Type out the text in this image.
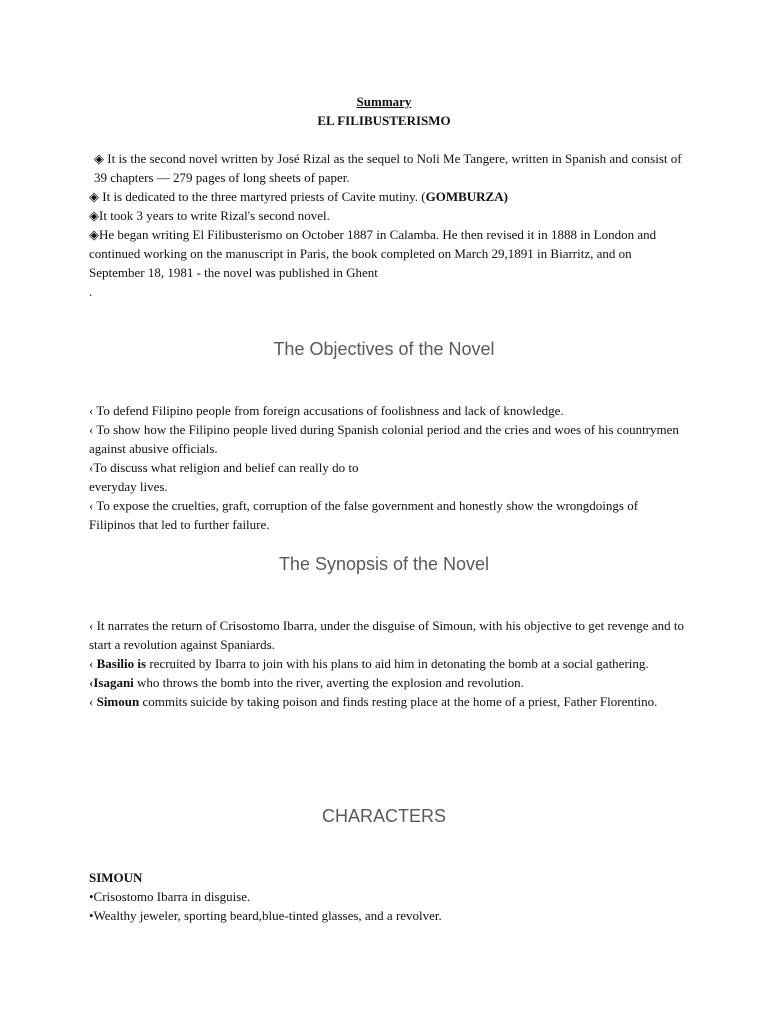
Summary
EL FILIBUSTERISMO

◈ It is the second novel written by José Rizal as the sequel to Noli Me Tangere, written in Spanish and consist of 39 chapters — 279 pages of long sheets of paper.

◈ It is dedicated to the three martyred priests of Cavite mutiny. (GOMBURZA)

◈It took 3 years to write Rizal's second novel.

◈He began writing El Filibusterismo on October 1887 in Calamba. He then revised it in 1888 in London and continued working on the manuscript in Paris, the book completed on March 29,1891 in Biarritz, and on September 18, 1981 - the novel was published in Ghent

.
The Objectives of the Novel

‹ To defend Filipino people from foreign accusations of foolishness and lack of knowledge.

‹ To show how the Filipino people lived during Spanish colonial period and the cries and woes of his countrymen against abusive officials.

‹To discuss what religion and belief can really do to

everyday lives.

‹ To expose the cruelties, graft, corruption of the false government and honestly show the wrongdoings of Filipinos that led to further failure.

The Synopsis of the Novel

‹ It narrates the return of Crisostomo Ibarra, under the disguise of Simoun, with his objective to get revenge and to start a revolution against Spaniards.

‹ Basilio is recruited by Ibarra to join with his plans to aid him in detonating the bomb at a social gathering.

‹Isagani who throws the bomb into the river, averting the explosion and revolution.

‹ Simoun commits suicide by taking poison and finds resting place at the home of a priest, Father Florentino.

CHARACTERS

SIMOUN

•Crisostomo Ibarra in disguise.

•Wealthy jeweler, sporting beard,blue-tinted glasses, and a revolver.
